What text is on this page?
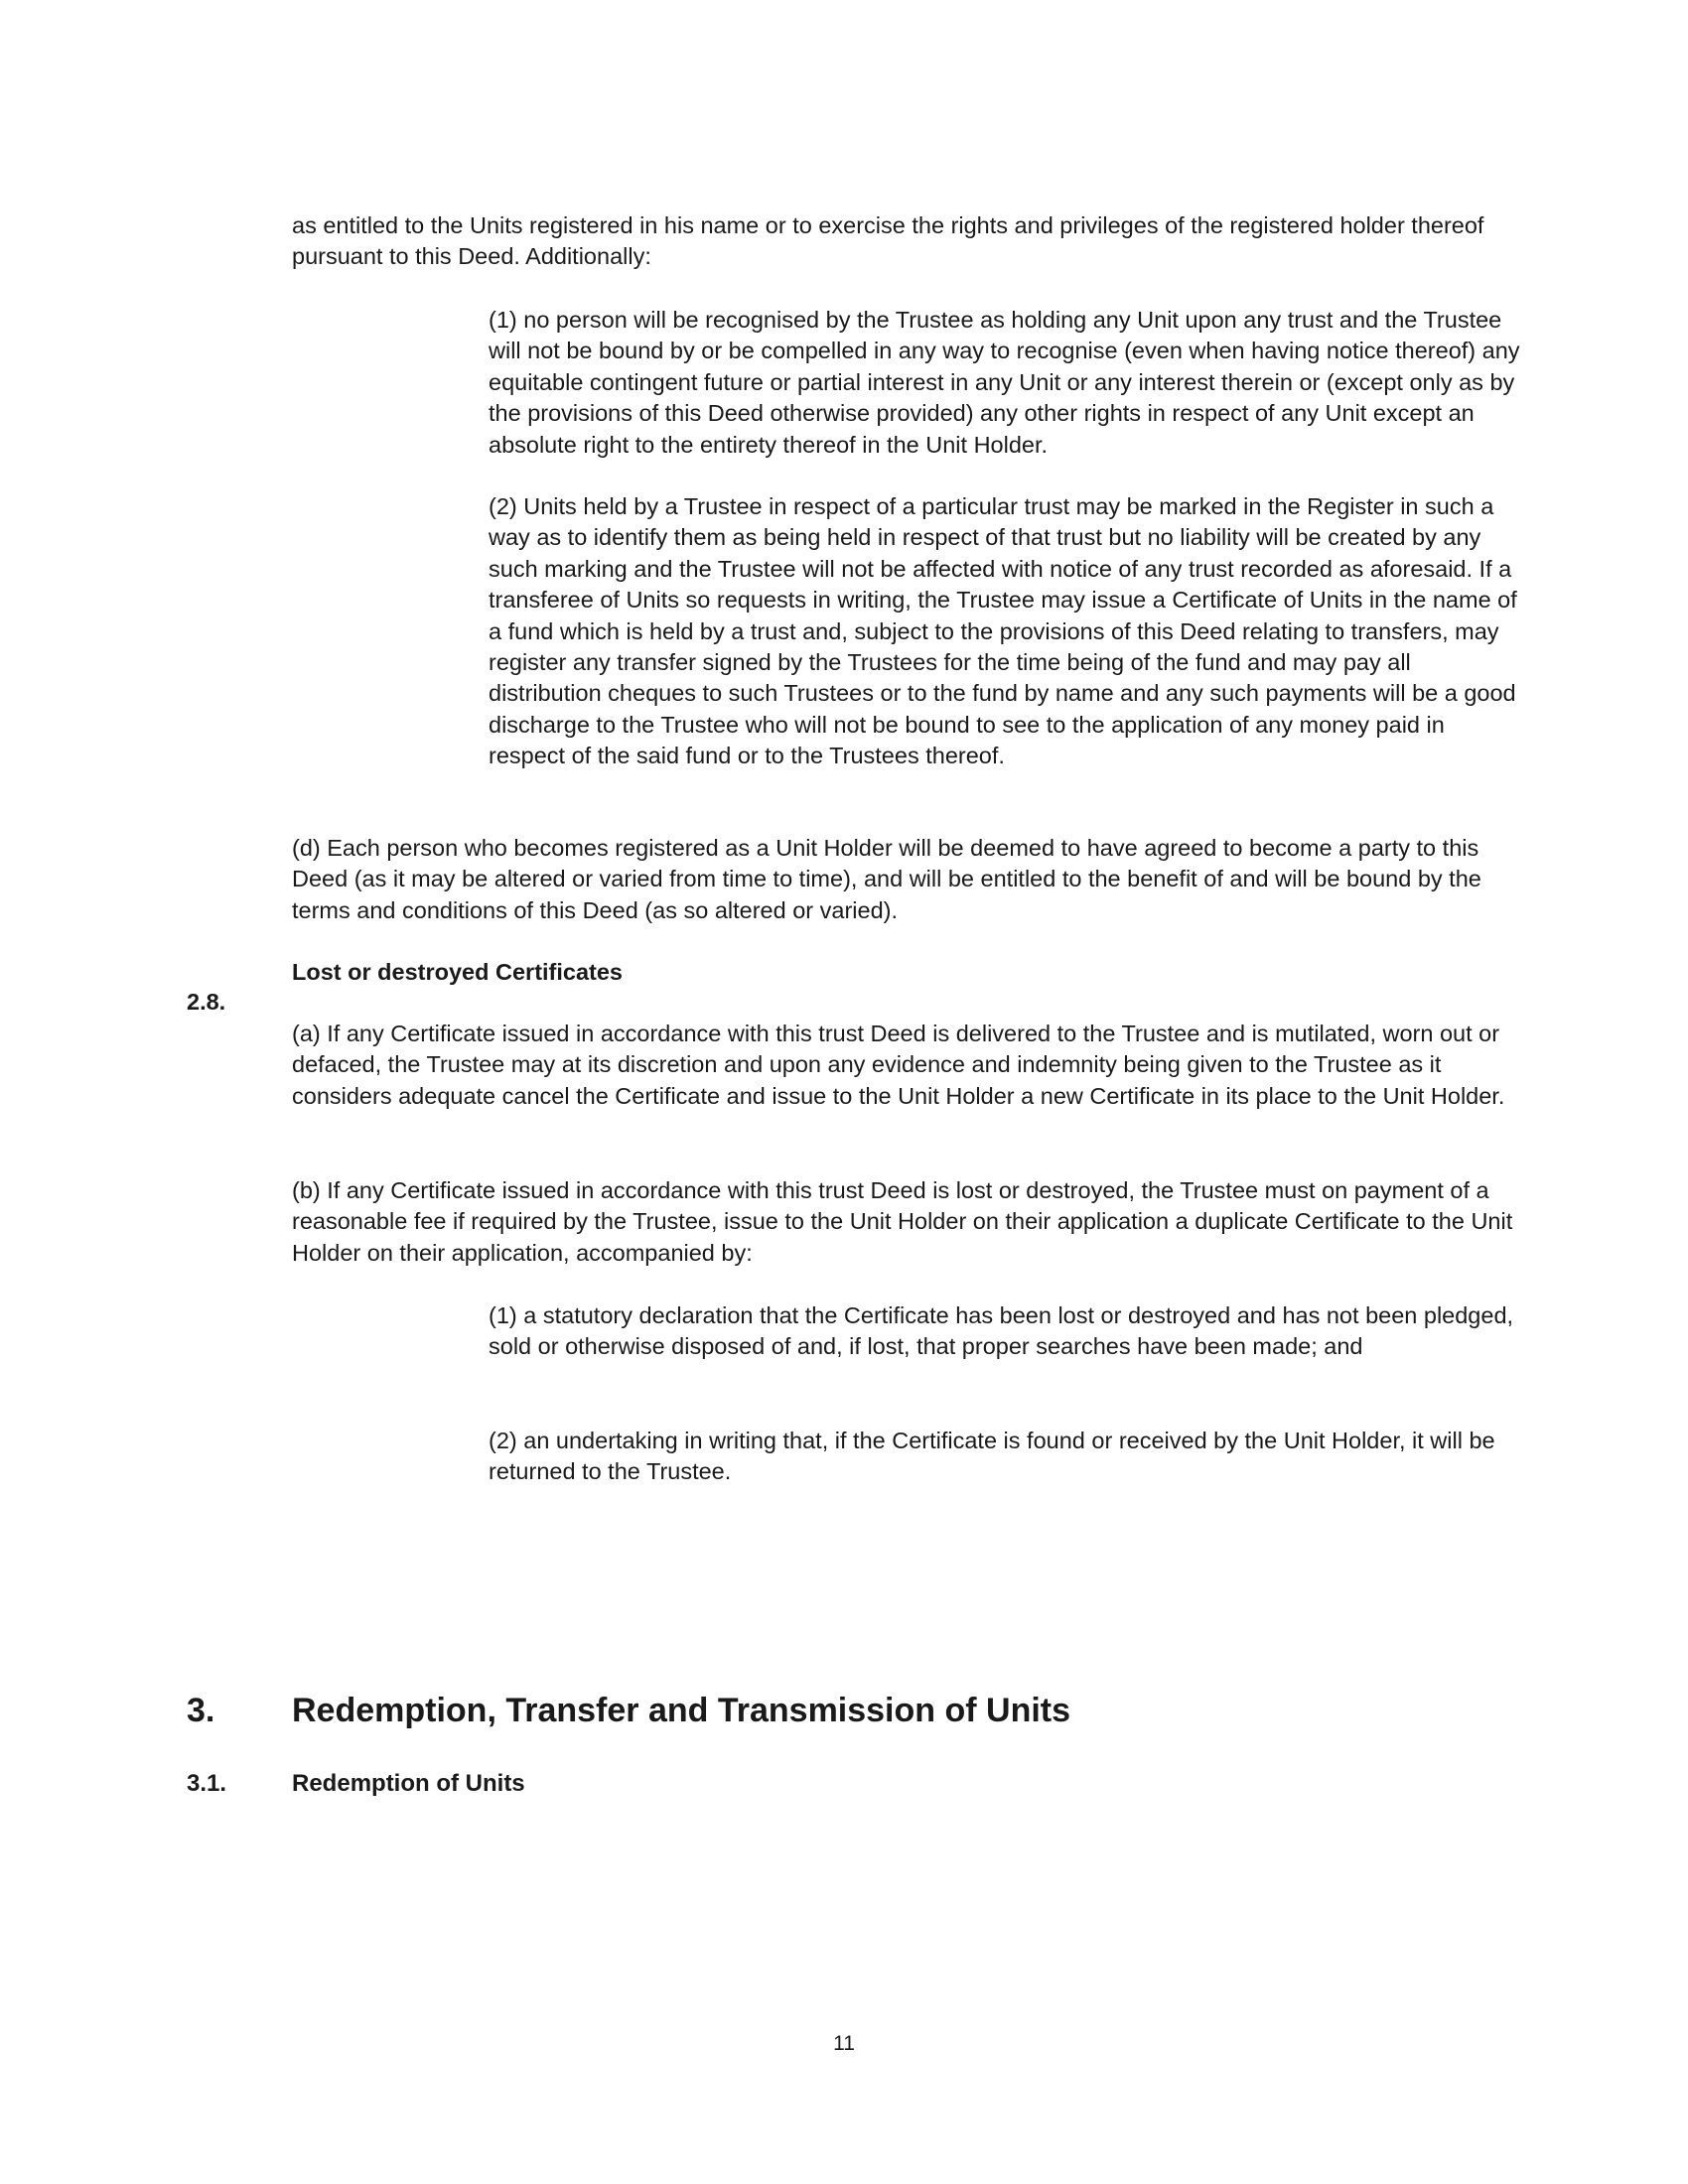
as entitled to the Units registered in his name or to exercise the rights and privileges of the registered holder thereof pursuant to this Deed. Additionally:

(1) no person will be recognised by the Trustee as holding any Unit upon any trust and the Trustee will not be bound by or be compelled in any way to recognise (even when having notice thereof) any equitable contingent future or partial interest in any Unit or any interest therein or (except only as by the provisions of this Deed otherwise provided) any other rights in respect of any Unit except an absolute right to the entirety thereof in the Unit Holder.

(2) Units held by a Trustee in respect of a particular trust may be marked in the Register in such a way as to identify them as being held in respect of that trust but no liability will be created by any such marking and the Trustee will not be affected with notice of any trust recorded as aforesaid. If a transferee of Units so requests in writing, the Trustee may issue a Certificate of Units in the name of a fund which is held by a trust and, subject to the provisions of this Deed relating to transfers, may register any transfer signed by the Trustees for the time being of the fund and may pay all distribution cheques to such Trustees or to the fund by name and any such payments will be a good discharge to the Trustee who will not be bound to see to the application of any money paid in respect of the said fund or to the Trustees thereof.

(d) Each person who becomes registered as a Unit Holder will be deemed to have agreed to become a party to this Deed (as it may be altered or varied from time to time), and will be entitled to the benefit of and will be bound by the terms and conditions of this Deed (as so altered or varied).

Lost or destroyed Certificates

2.8.

(a) If any Certificate issued in accordance with this trust Deed is delivered to the Trustee and is mutilated, worn out or defaced, the Trustee may at its discretion and upon any evidence and indemnity being given to the Trustee as it considers adequate cancel the Certificate and issue to the Unit Holder a new Certificate in its place to the Unit Holder.

(b) If any Certificate issued in accordance with this trust Deed is lost or destroyed, the Trustee must on payment of a reasonable fee if required by the Trustee, issue to the Unit Holder on their application a duplicate Certificate to the Unit Holder on their application, accompanied by:

(1) a statutory declaration that the Certificate has been lost or destroyed and has not been pledged, sold or otherwise disposed of and, if lost, that proper searches have been made; and

(2) an undertaking in writing that, if the Certificate is found or received by the Unit Holder, it will be returned to the Trustee.

3. Redemption, Transfer and Transmission of Units
3.1.	Redemption of Units
11
